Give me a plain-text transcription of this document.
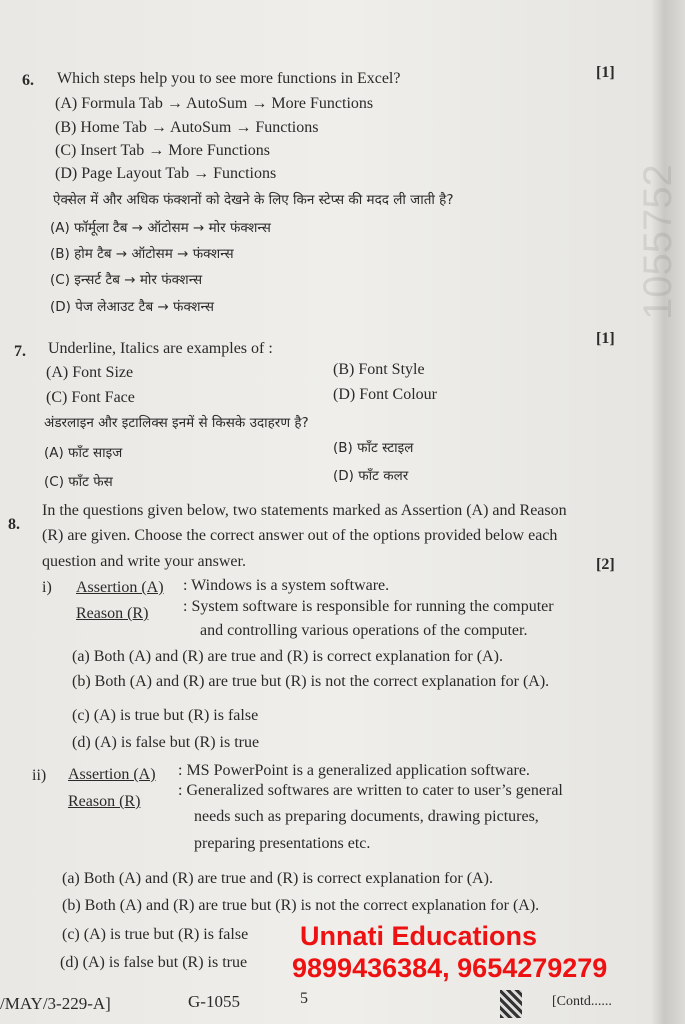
1055752
6. Which steps help you to see more functions in Excel?	[1]
(A) Formula Tab → AutoSum → More Functions
(B) Home Tab → AutoSum → Functions
(C) Insert Tab → More Functions
(D) Page Layout Tab → Functions
ऐक्सेल में और अधिक फंक्शनों को देखने के लिए किन स्टेप्स की मदद ली जाती है?
(A) फॉर्मूला टैब → ऑटोसम → मोर फंक्शन्स
(B) होम टैब → ऑटोसम → फंक्शन्स
(C) इन्सर्ट टैब → मोर फंक्शन्स
(D) पेज लेआउट टैब → फंक्शन्स
7. Underline, Italics are examples of :
[1]
(A) Font Size	(B) Font Style
(C) Font Face	(D) Font Colour
अंडरलाइन और इटालिक्स इनमें से किसके उदाहरण है?
(A) फॉंट साइज	(B) फॉंट स्टाइल
(C) फॉंट फेस	(D) फॉंट कलर
8.
In the questions given below, two statements marked as Assertion (A) and Reason
(R) are given. Choose the correct answer out of the options provided below each
question and write your answer.	[2]
i) Assertion (A) : Windows is a system software.
Reason (R) : System software is responsible for running the computer
and controlling various operations of the computer.
(a) Both (A) and (R) are true and (R) is correct explanation for (A).
(b) Both (A) and (R) are true but (R) is not the correct explanation for (A).
(c) (A) is true but (R) is false
(d) (A) is false but (R) is true
ii) Assertion (A) : MS PowerPoint is a generalized application software.
Reason (R)
: Generalized softwares are written to cater to user’s general
needs such as preparing documents, drawing pictures,
preparing presentations etc.
(a) Both (A) and (R) are true and (R) is correct explanation for (A).
(b) Both (A) and (R) are true but (R) is not the correct explanation for (A).
(c) (A) is true but (R) is false
(d) (A) is false but (R) is true
Unnati Educations
9899436384, 9654279279
/MAY/3-229-A]	G-1055	5	[Contd......
